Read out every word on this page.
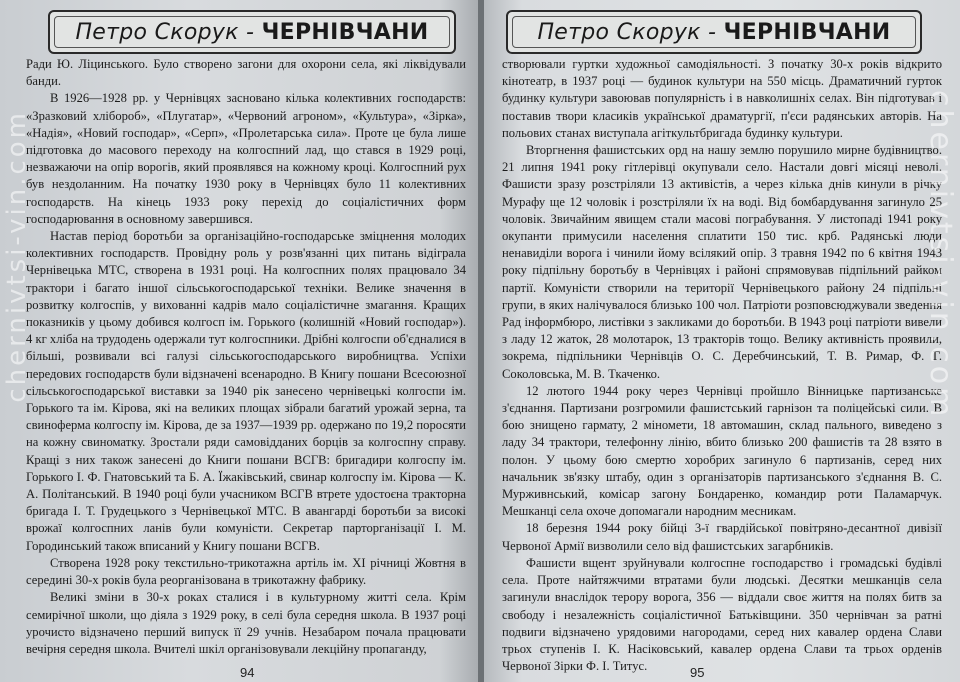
Петро Скорук - ЧЕРНІВЧАНИ

Ради Ю. Ліцинського. Було створено загони для охорони села, які ліквідували банди.

В 1926—1928 рр. у Чернівцях засновано кілька колективних господарств: «Зразковий хлібороб», «Плугатар», «Червоний агроном», «Культура», «Зірка», «Надія», «Новий господар», «Серп», «Пролетарська сила». Проте це була лише підготовка до масового переходу на колгоспний лад, що стався в 1929 році, незважаючи на опір ворогів, який проявлявся на кожному кроці. Колгоспний рух був нездоланним. На початку 1930 року в Чернівцях було 11 колективних господарств. На кінець 1933 року перехід до соціалістичних форм господарювання в основному завершився.

Настав період боротьби за організаційно-господарське зміцнення молодих колективних господарств. Провідну роль у розв'язанні цих питань відіграла Чернівецька МТС, створена в 1931 році. На колгоспних полях працювало 34 трактори і багато іншої сільськогосподарської техніки. Велике значення в розвитку колгоспів, у вихованні кадрів мало соціалістичне змагання. Кращих показників у цьому добився колгосп ім. Горького (колишній «Новий господар»). 4 кг хліба на трудодень одержали тут колгоспники. Дрібні колгоспи об'єдналися в більші, розвивали всі галузі сільськогосподарського виробництва. Успіхи передових господарств були відзначені всенародно. В Книгу пошани Всесоюзної сільськогосподарської виставки за 1940 рік занесено чернівецькі колгоспи ім. Горького та ім. Кірова, які на великих площах зібрали багатий урожай зерна, та свиноферма колгоспу ім. Кірова, де за 1937—1939 рр. одержано по 19,2 поросяти на кожну свиноматку. Зростали ряди самовідданих борців за колгоспну справу. Кращі з них також занесені до Книги пошани ВСГВ: бригадири колгоспу ім. Горького І. Ф. Гнатовський та Б. А. Їжаківський, свинар колгоспу ім. Кірова — К. А. Політанський. В 1940 році були учасником ВСГВ втрете удостоєна тракторна бригада І. Т. Грудецького з Чернівецької МТС. В авангарді боротьби за високі врожаї колгоспних ланів були комуністи. Секретар парторганізації І. М. Городинський також вписаний у Книгу пошани ВСГВ.

Створена 1928 року текстильно-трикотажна артіль ім. ХІ річниці Жовтня в середині 30-х років була реорганізована в трикотажну фабрику.

Великі зміни в 30-х роках сталися і в культурному житті села. Крім семирічної школи, що діяла з 1929 року, в селі була середня школа. В 1937 році урочисто відзначено перший випуск її 29 учнів. Незабаром почала працювати вечірня середня школа. Вчителі шкіл організовували лекційну пропаганду,

94
chernivtsi-vin.com
Петро Скорук - ЧЕРНІВЧАНИ

створювали гуртки художньої самодіяльності. З початку 30-х років відкрито кінотеатр, в 1937 році — будинок культури на 550 місць. Драматичний гурток будинку культури завоював популярність і в навколишніх селах. Він підготував і поставив твори класиків української драматургії, п'єси радянських авторів. На польових станах виступала агіткультбригада будинку культури.

Вторгнення фашистських орд на нашу землю порушило мирне будівництво. 21 липня 1941 року гітлерівці окупували село. Настали довгі місяці неволі. Фашисти зразу розстріляли 13 активістів, а через кілька днів кинули в річку Мурафу ще 12 чоловік і розстріляли їх на воді. Від бомбардування загинуло 25 чоловік. Звичайним явищем стали масові пограбування. У листопаді 1941 року окупанти примусили населення сплатити 150 тис. крб. Радянські люди ненавиділи ворога і чинили йому всілякий опір. З травня 1942 по 6 квітня 1943 року підпільну боротьбу в Чернівцях і районі спрямовував підпільний райком партії. Комуністи створили на території Чернівецького району 24 підпільні групи, в яких налічувалося близько 100 чол. Патріоти розповсюджували зведення Рад інформбюро, листівки з закликами до боротьби. В 1943 році патріоти вивели з ладу 12 жаток, 28 молотарок, 13 тракторів тощо. Велику активність проявили, зокрема, підпільники Чернівців О. С. Деребчинський, Т. В. Римар, Ф. Г. Соколовська, М. В. Ткаченко.

12 лютого 1944 року через Чернівці пройшло Вінницьке партизанське з'єднання. Партизани розгромили фашистський гарнізон та поліцейські сили. В бою знищено гармату, 2 міномети, 18 автомашин, склад пального, виведено з ладу 34 трактори, телефонну лінію, вбито близько 200 фашистів та 28 взято в полон. У цьому бою смертю хоробрих загинуло 6 партизанів, серед них начальник зв'язку штабу, один з організаторів партизанського з'єднання В. С. Мурживнський, комісар загону Бондаренко, командир роти Паламарчук. Мешканці села охоче допомагали народним месникам.

18 березня 1944 року бійці 3-ї гвардійської повітряно-десантної дивізії Червоної Армії визволили село від фашистських загарбників.

Фашисти вщент зруйнували колгоспне господарство і громадські будівлі села. Проте найтяжчими втратами були людські. Десятки мешканців села загинули внаслідок терору ворога, 356 — віддали своє життя на полях битв за свободу і незалежність соціалістичної Батьківщини. 350 чернівчан за ратні подвиги відзначено урядовими нагородами, серед них кавалер ордена Слави трьох ступенів І. К. Насіковський, кавалер ордена Слави та трьох орденів Червоної Зірки Ф. І. Титус.	95
chernivtsi-vin.com
